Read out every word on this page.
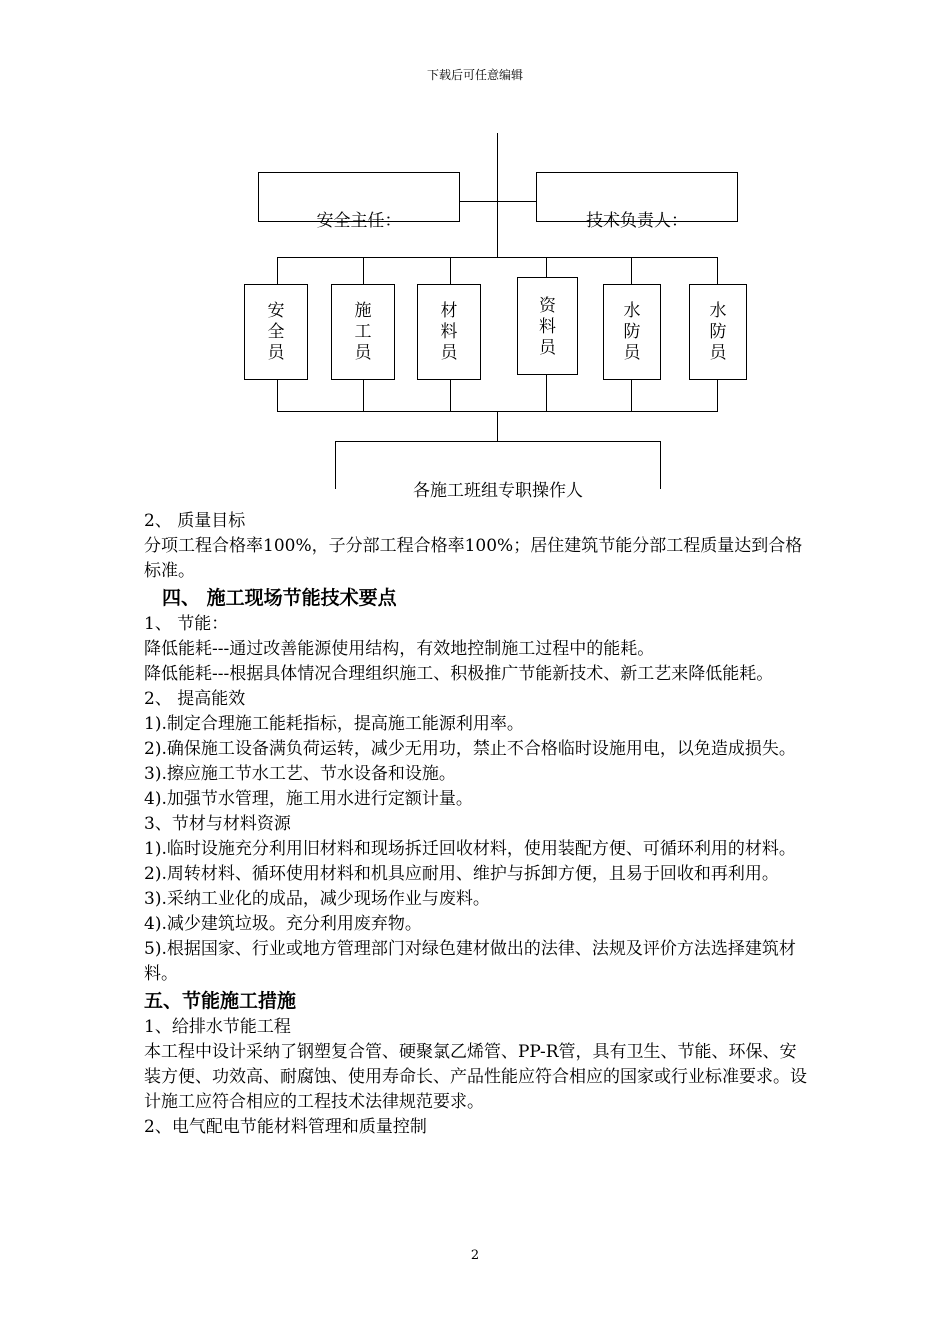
下载后可任意编辑
安全主任：	技术负责人：
安全员
施工员
材料员
资料员
水防员
水防员
各施工班组专职操作人

2、 质量目标

分项工程合格率100%，子分部工程合格率100%；居住建筑节能分部工程质量达到合格标准。

四、 施工现场节能技术要点

1、 节能：

降低能耗---通过改善能源使用结构，有效地控制施工过程中的能耗。

降低能耗---根据具体情况合理组织施工、积极推广节能新技术、新工艺来降低能耗。

2、 提高能效

1).制定合理施工能耗指标，提高施工能源利用率。

2).确保施工设备满负荷运转，减少无用功，禁止不合格临时设施用电，以免造成损失。

3).擦应施工节水工艺、节水设备和设施。

4).加强节水管理，施工用水进行定额计量。

3、节材与材料资源

1).临时设施充分利用旧材料和现场拆迁回收材料，使用装配方便、可循环利用的材料。

2).周转材料、循环使用材料和机具应耐用、维护与拆卸方便，且易于回收和再利用。

3).采纳工业化的成品，减少现场作业与废料。

4).减少建筑垃圾。充分利用废弃物。

5).根据国家、行业或地方管理部门对绿色建材做出的法律、法规及评价方法选择建筑材料。

五、节能施工措施

1、给排水节能工程

本工程中设计采纳了钢塑复合管、硬聚氯乙烯管、PP-R管，具有卫生、节能、环保、安装方便、功效高、耐腐蚀、使用寿命长、产品性能应符合相应的国家或行业标准要求。设计施工应符合相应的工程技术法律规范要求。

2、电气配电节能材料管理和质量控制

2
